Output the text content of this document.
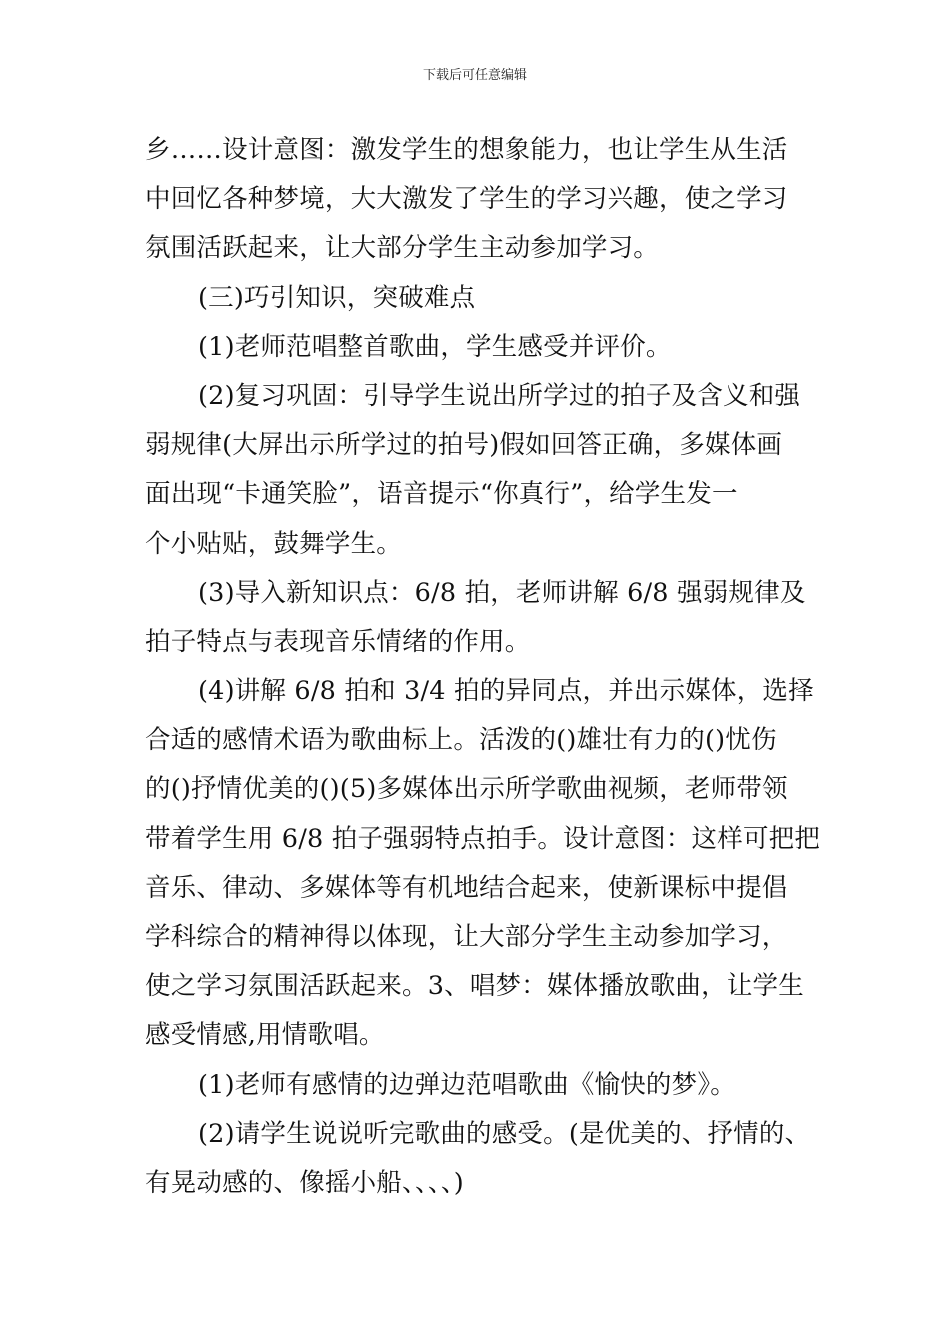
下载后可任意编辑
乡……设计意图：激发学生的想象能力，也让学生从生活
中回忆各种梦境，大大激发了学生的学习兴趣，使之学习
氛围活跃起来，让大部分学生主动参加学习。
(三)巧引知识，突破难点
(1)老师范唱整首歌曲，学生感受并评价。
(2)复习巩固：引导学生说出所学过的拍子及含义和强
弱规律(大屏出示所学过的拍号)假如回答正确，多媒体画
面出现“卡通笑脸”，语音提示“你真行”，给学生发一
个小贴贴，鼓舞学生。
(3)导入新知识点：6/8 拍，老师讲解 6/8 强弱规律及
拍子特点与表现音乐情绪的作用。
(4)讲解 6/8 拍和 3/4 拍的异同点，并出示媒体，选择
合适的感情术语为歌曲标上。活泼的()雄壮有力的()忧伤
的()抒情优美的()(5)多媒体出示所学歌曲视频，老师带领
带着学生用 6/8 拍子强弱特点拍手。设计意图：这样可把把
音乐、律动、多媒体等有机地结合起来，使新课标中提倡
学科综合的精神得以体现，让大部分学生主动参加学习，
使之学习氛围活跃起来。3、唱梦：媒体播放歌曲，让学生
感受情感,用情歌唱。
(1)老师有感情的边弹边范唱歌曲《愉快的梦》。
(2)请学生说说听完歌曲的感受。(是优美的、抒情的、
有晃动感的、像摇小船、、、、)
